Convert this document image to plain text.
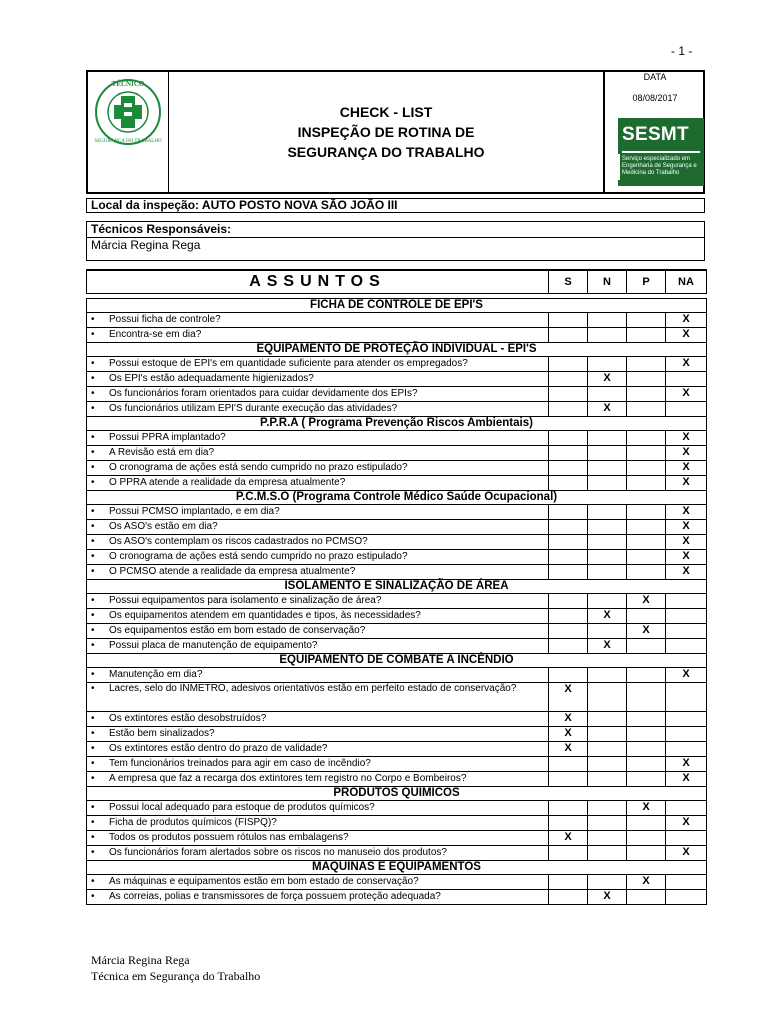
- 1 -
TÉCNICO
SEGURANÇA DO TRABALHO
CHECK - LIST
INSPEÇÃO DE ROTINA DE
SEGURANÇA DO TRABALHO
DATA
08/08/2017
SESMT
Serviço especializado em Engenharia de Segurança e Medicina do Trabalho
Local da inspeção: AUTO POSTO NOVA SÃO JOÃO III
Técnicos Responsáveis:
Márcia Regina Rega
ASSUNTOS	S	N	P	NA

FICHA DE CONTROLE DE EPI'S				

• Possui ficha de controle?				X

• Encontra-se em dia?				X
EQUIPAMENTO DE PROTEÇÃO INDIVIDUAL - EPI'S				

• Possui estoque de EPI's em quantidade suficiente para atender os empregados?				X

• Os EPI's estão adequadamente higienizados?		X		

• Os funcionários foram orientados para cuidar devidamente dos EPIs?				X

• Os funcionários utilizam EPI'S durante execução das atividades?		X		
P.P.R.A ( Programa Prevenção Riscos Ambientais)				

• Possui PPRA implantado?				X

• A Revisão está em dia?				X

• O cronograma de ações está sendo cumprido no prazo estipulado?				X

• O PPRA atende a realidade da empresa atualmente?				X
P.C.M.S.O (Programa Controle Médico Saúde Ocupacional)				

• Possui PCMSO implantado, e em dia?				X

• Os ASO's estão em dia?				X

• Os ASO's contemplam os riscos cadastrados no PCMSO?				X

• O cronograma de ações está sendo cumprido no prazo estipulado?				X

• O PCMSO atende a realidade da empresa atualmente?				X
ISOLAMENTO E SINALIZAÇÃO DE ÁREA				

• Possui equipamentos para isolamento e sinalização de área?			X	

• Os equipamentos atendem em quantidades e tipos, às necessidades?		X		

• Os equipamentos estão em bom estado de conservação?			X	

• Possui placa de manutenção de equipamento?		X		
EQUIPAMENTO DE COMBATE A INCÊNDIO				

• Manutenção em dia?				X

• Lacres, selo do INMETRO, adesivos orientativos estão em perfeito estado de conservação?	X			

• Os extintores estão desobstruídos?	X			

• Estão bem sinalizados?	X			

• Os extintores estão dentro do prazo de validade?	X			

• Tem funcionários treinados para agir em caso de incêndio?				X

• A empresa que faz a recarga dos extintores tem registro no Corpo e Bombeiros?				X
PRODUTOS QUIMICOS				

• Possui local adequado para estoque de produtos químicos?			X	

• Ficha de produtos químicos (FISPQ)?				X

• Todos os produtos possuem rótulos nas embalagens?	X			

• Os funcionários foram alertados sobre os riscos no manuseio dos produtos?				X
MAQUINAS E EQUIPAMENTOS				

• As máquinas e equipamentos estão em bom estado de conservação?			X	

• As correias, polias e transmissores de força possuem proteção adequada?		X		
Márcia Regina Rega
Técnica em Segurança do Trabalho
